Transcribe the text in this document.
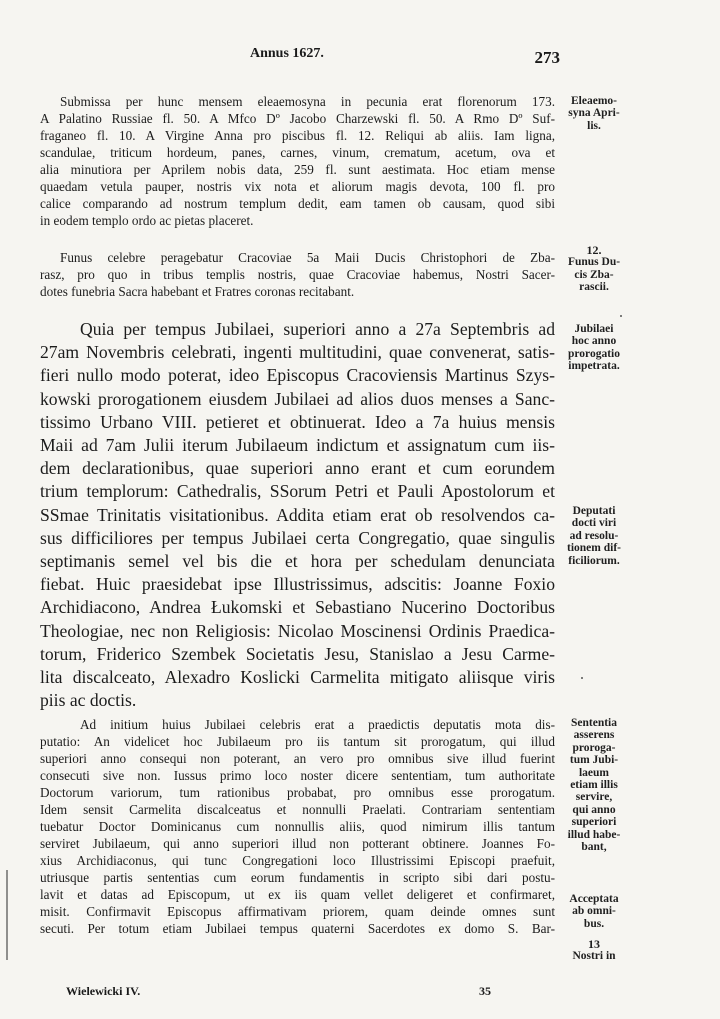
Annus 1627.	273

Submissa per hunc mensem eleaemosyna in pecunia erat florenorum 173.
A Palatino Russiae fl. 50. A Mfco Dº Jacobo Charzewski fl. 50. A Rmo Dº Suf-
fraganeo fl. 10. A Virgine Anna pro piscibus fl. 12. Reliqui ab aliis. Iam ligna,
scandulae, triticum hordeum, panes, carnes, vinum, crematum, acetum, ova et
alia minutiora per Aprilem nobis data, 259 fl. sunt aestimata. Hoc etiam mense
quaedam vetula pauper, nostris vix nota et aliorum magis devota, 100 fl. pro
calice comparando ad nostrum templum dedit, eam tamen ob causam, quod sibi
in eodem templo ordo ac pietas placeret.

Funus celebre peragebatur Cracoviae 5a Maii Ducis Christophori de Zba-
rasz, pro quo in tribus templis nostris, quae Cracoviae habemus, Nostri Sacer-
dotes funebria Sacra habebant et Fratres coronas recitabant.

Quia per tempus Jubilaei, superiori anno a 27a Septembris ad
27am Novembris celebrati, ingenti multitudini, quae convenerat, satis-
fieri nullo modo poterat, ideo Episcopus Cracoviensis Martinus Szys-
kowski prorogationem eiusdem Jubilaei ad alios duos menses a Sanc-
tissimo Urbano VIII. petieret et obtinuerat. Ideo a 7a huius mensis
Maii ad 7am Julii iterum Jubilaeum indictum et assignatum cum iis-
dem declarationibus, quae superiori anno erant et cum eorundem
trium templorum: Cathedralis, SSorum Petri et Pauli Apostolorum et
SSmae Trinitatis visitationibus. Addita etiam erat ob resolvendos ca-
sus difficiliores per tempus Jubilaei certa Congregatio, quae singulis
septimanis semel vel bis die et hora per schedulam denunciata
fiebat. Huic praesidebat ipse Illustrissimus, adscitis: Joanne Foxio
Archidiacono, Andrea Łukomski et Sebastiano Nucerino Doctoribus
Theologiae, nec non Religiosis: Nicolao Moscinensi Ordinis Praedica-
torum, Friderico Szembek Societatis Jesu, Stanislao a Jesu Carme-
lita discalceato, Alexadro Koslicki Carmelita mitigato aliisque viris
piis ac doctis.

Ad initium huius Jubilaei celebris erat a praedictis deputatis mota dis-
putatio: An videlicet hoc Jubilaeum pro iis tantum sit prorogatum, qui illud
superiori anno consequi non poterant, an vero pro omnibus sive illud fuerint
consecuti sive non. Iussus primo loco noster dicere sententiam, tum authoritate
Doctorum variorum, tum rationibus probabat, pro omnibus esse prorogatum.
Idem sensit Carmelita discalceatus et nonnulli Praelati. Contrariam sententiam
tuebatur Doctor Dominicanus cum nonnullis aliis, quod nimirum illis tantum
serviret Jubilaeum, qui anno superiori illud non potterant obtinere. Joannes Fo-
xius Archidiaconus, qui tunc Congregationi loco Illustrissimi Episcopi praefuit,
utriusque partis sententias cum eorum fundamentis in scripto sibi dari postu-
lavit et datas ad Episcopum, ut ex iis quam vellet deligeret et confirmaret,
misit. Confirmavit Episcopus affirmativam priorem, quam deinde omnes sunt
secuti. Per totum etiam Jubilaei tempus quaterni Sacerdotes ex domo S. Bar-

Eleaemo-
syna Apri-
lis.
12.
Funus Du-
cis Zba-
rascii.
Jubilaei
hoc anno
prorogatio
impetrata.
Deputati
docti viri
ad resolu-
tionem dif-
ficiliorum.
Sententia
asserens
proroga-
tum Jubi-
laeum
etiam illis
servire,
qui anno
superiori
illud habe-
bant,
Acceptata
ab omni-
bus.
13
Nostri in
Wielewicki IV.	35
